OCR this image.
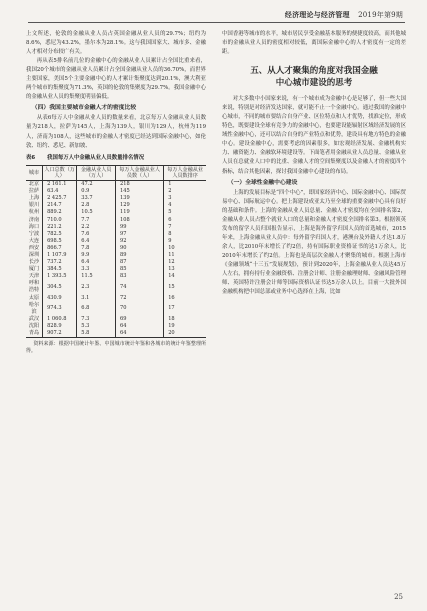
经济理论与经济管理 2019年第9期

上文所述，伦敦的金融从业人员占英国金融从业人员的29.7%；纽约为8.6%，悉尼为43.2%，墨尔本为28.1%。这与我国国家大、城市多、金融人才相对分布较广有关。

再从表5排名前几位的金融中心的金融从业人员累计占全国比重来看，我国20个城市的金融从业人员累计占全国金融从业人员的36.70%，而世界主要国家，美国5个主要金融中心的人才累计集聚度达到20.1%，澳大利亚两个城市的集聚度为71.3%，英国的伦敦的集聚度为29.7%。我国金融中心的金融从业人员的集聚度明显偏低。

（四）我国主要城市金融人才的密度比较

从表6每万人中金融从业人员的数量来看，北京每万人金融从业人员数量为218人，拉萨为145人，上海为139人，银川为129人，杭州为119人，济南为108人，这些城市的金融人才密度已经达到国际金融中心，如伦敦、纽约、悉尼、新加坡、

表6 我国每万人中金融从业人员数量排名情况
城市	人口总数（万人）	金融从业人员（万人）	每万人金融从业人员数（人）	每万人金融从业人员数排序
北京	2 161.1	47.2	218	1
拉萨	63.4	0.9	145	2
上海	2 425.7	33.7	139	3
银川	214.7	2.8	129	4
杭州	889.2	10.5	119	5
济南	710.0	7.7	108	6
海口	221.2	2.2	99	7
宁波	782.5	7.6	97	8
大连	698.5	6.4	92	9
西安	866.7	7.8	90	10
深圳	1 107.9	9.9	89	11
长沙	737.2	6.4	87	12
厦门	384.5	3.3	85	13
天津	1 393.5	11.5	83	14
呼和浩特	304.5	2.3	74	15
太原	430.9	3.1	72	16
哈尔滨	974.3	6.8	70	17
武汉	1 060.8	7.3	69	18
沈阳	828.9	5.3	64	19
青岛	907.2	5.8	64	20
资料来源：根据中国统计年鉴、中国城市统计年鉴和各城市的统计年鉴整理所得。

中国香港等城市的水平，城市居民享受金融基本服务的便捷度较高，而其他城市的金融从业人员的密度相对较低，离国际金融中心的人才密度有一定的差距。

五、从人才聚集的角度对我国金融
中心城市建设的思考

对大多数中小国家来说，有一个城市成为金融中心是足够了，但一些大国来说，特别是对经济发达国家，就可能不止一个金融中心。通过我国的金融中心城市，不同的城市要结合自身产业、区位特点和人才优势，找准定位，形成特色，既要建设全球有竞争力的金融中心，也要建设能辐射区域经济发展的区域性金融中心，还可以结合自身的产业特点和优势，建设具有地方特色的金融中心。建设金融中心，需要考虑的因素很多，如宏观经济发展、金融机构实力、融资能力、金融软环境建设等。下面笔者用金融从业人员总量、金融从业人员在总就业人口中的比重、金融人才的空间集聚度以及金融人才的密度四个指标，结合其他因素，探讨我国金融中心建设的布局。

（一）全球性金融中心建设

上海的发展目标是“四个中心”，即国家经济中心、国际金融中心、国际贸易中心、国际航运中心。把上海建设成亚太乃至全球的重要金融中心具有良好的基础和条件。上海的金融从业人员总量、金融人才密度均在全国排名第2，金融从业人员占整个就业人口的总量和金融人才密度全国排名第3。根据领英发布的留学人员归国报告显示，上海是海外留学归国人员的首选城市，2015年来，上海金融从业人员中：每外留学归国人才，港澳台及外籍人才达1.8万余人，比2010年末增长了约2倍，持有国际职业资格证书的达1万余人，比2010年末增长了约2倍。上海也是高层次金融人才聚集的城市。根据上海市《金融领域“十三五”发展规划》，预计到2020年，上海金融从业人员达45万人左右，拥有持行业金融资格、注册会计师、注册金融理财师、金融风险管理师、英国特许注册会计师等国际资格认证书达5万余人以上。目前一大批外国金融机构把中国总部或业务中心选择在上海，比如

25
